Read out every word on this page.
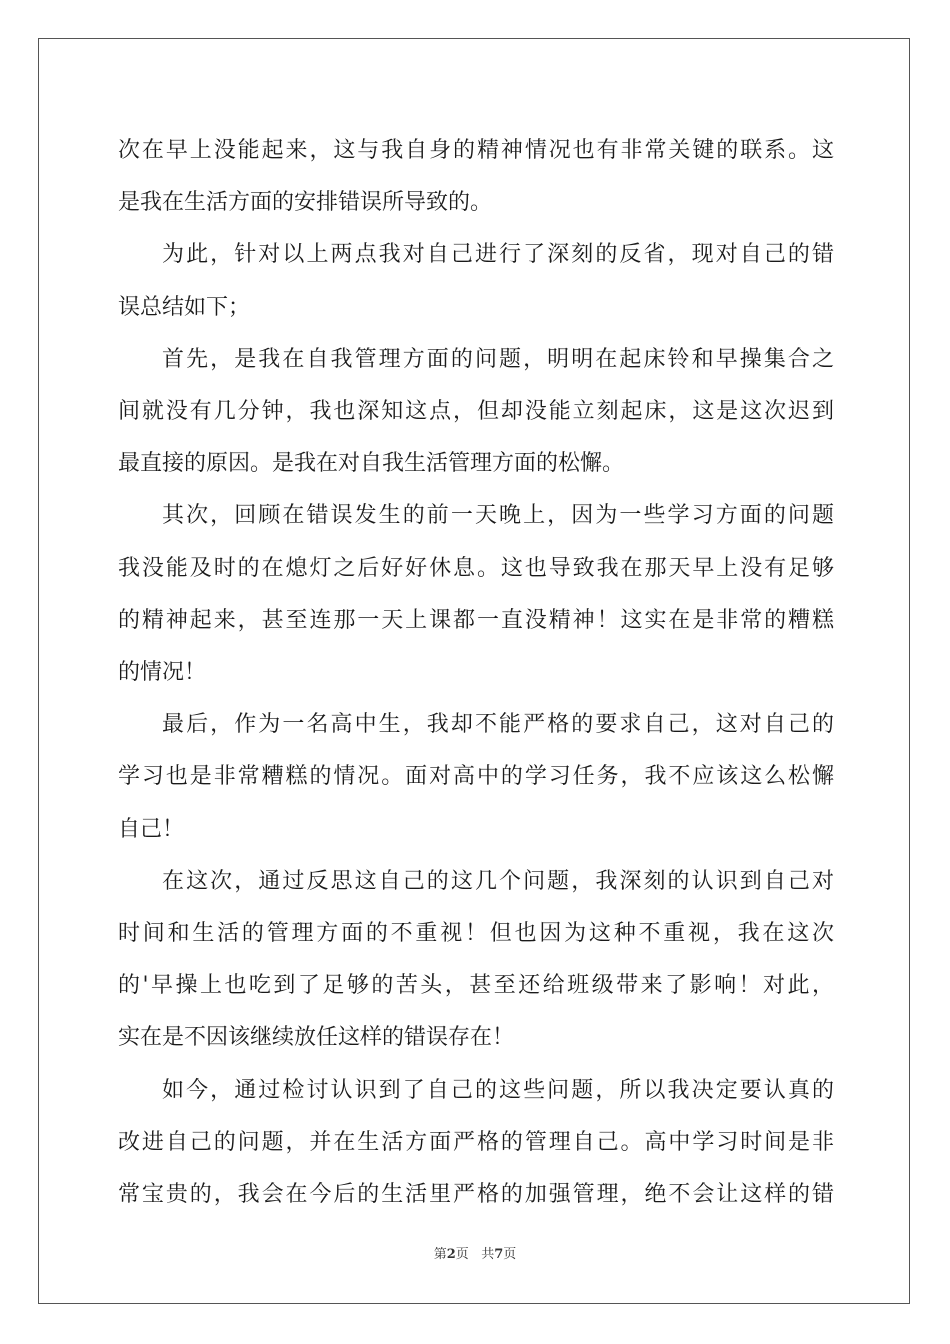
次在早上没能起来，这与我自身的精神情况也有非常关键的联系。这
是我在生活方面的安排错误所导致的。
为此，针对以上两点我对自己进行了深刻的反省，现对自己的错
误总结如下；
首先，是我在自我管理方面的问题，明明在起床铃和早操集合之
间就没有几分钟，我也深知这点，但却没能立刻起床，这是这次迟到
最直接的原因。是我在对自我生活管理方面的松懈。
其次，回顾在错误发生的前一天晚上，因为一些学习方面的问题
我没能及时的在熄灯之后好好休息。这也导致我在那天早上没有足够
的精神起来，甚至连那一天上课都一直没精神！这实在是非常的糟糕
的情况！
最后，作为一名高中生，我却不能严格的要求自己，这对自己的
学习也是非常糟糕的情况。面对高中的学习任务，我不应该这么松懈
自己！
在这次，通过反思这自己的这几个问题，我深刻的认识到自己对
时间和生活的管理方面的不重视！但也因为这种不重视，我在这次
的'早操上也吃到了足够的苦头，甚至还给班级带来了影响！对此，
实在是不因该继续放任这样的错误存在！
如今，通过检讨认识到了自己的这些问题，所以我决定要认真的
改进自己的问题，并在生活方面严格的管理自己。高中学习时间是非
常宝贵的，我会在今后的生活里严格的加强管理，绝不会让这样的错
第2页 共7页
